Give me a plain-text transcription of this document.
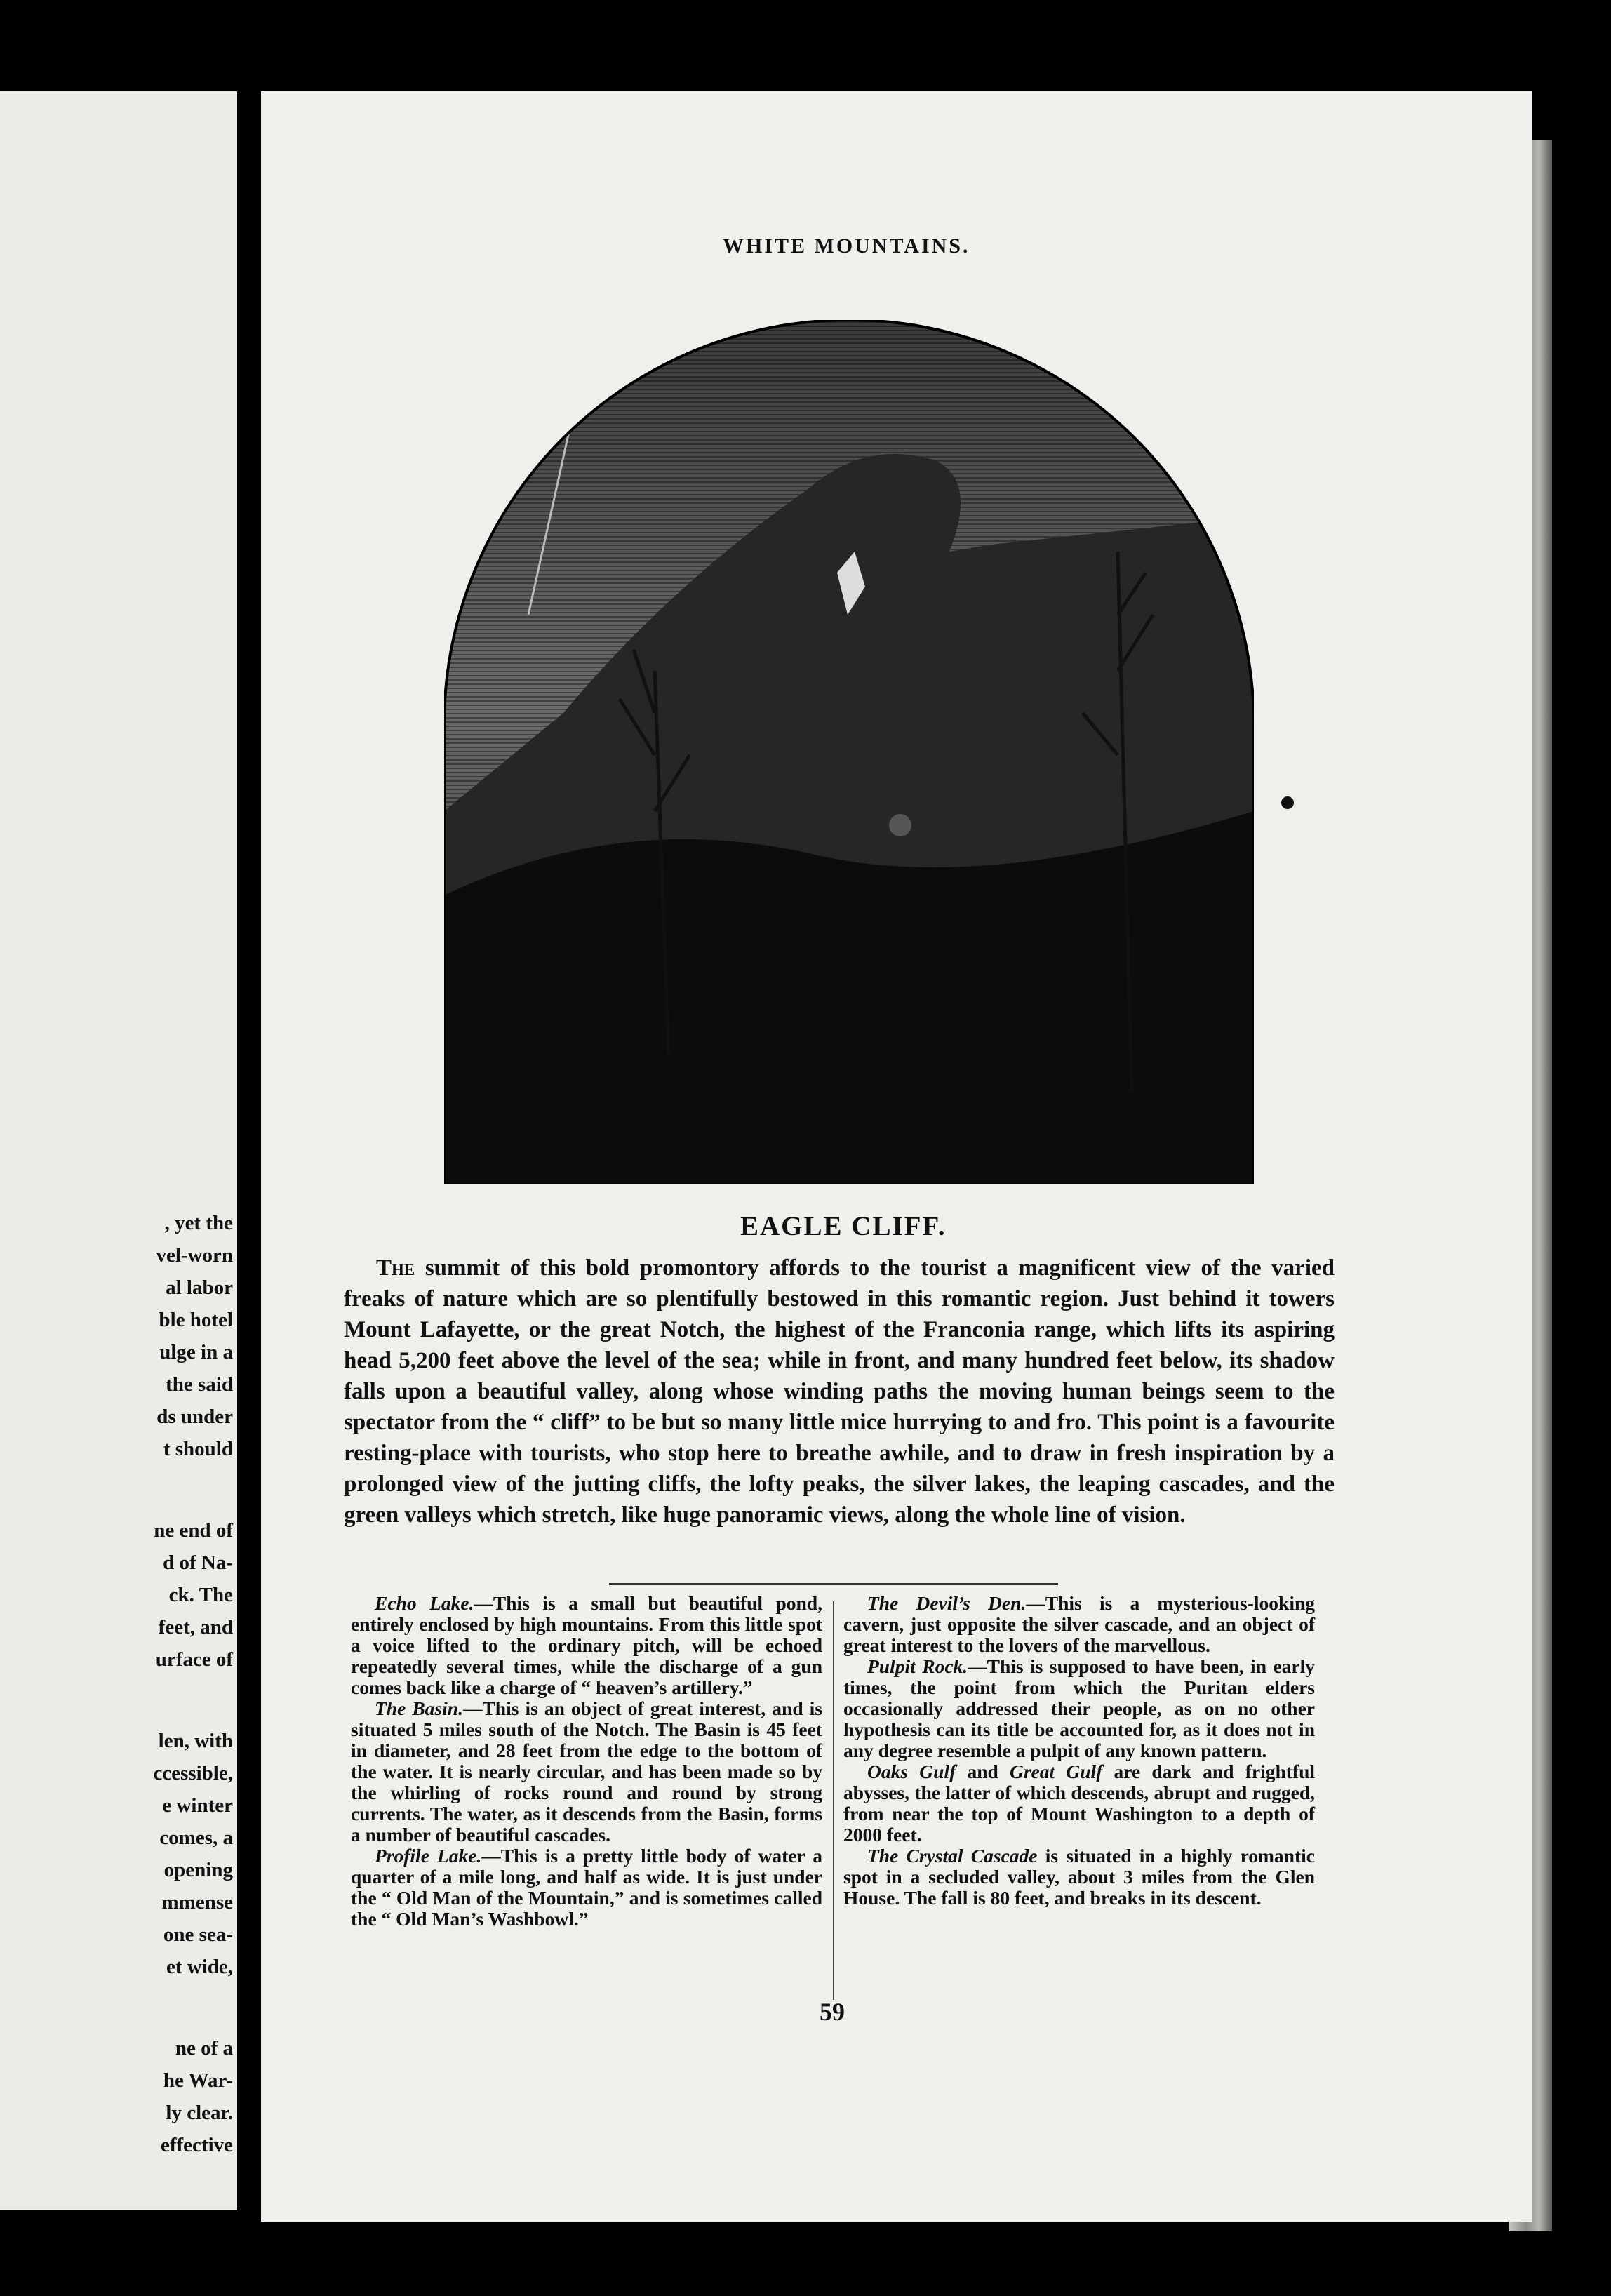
, yet the
vel-worn
al labor
ble hotel
ulge in a
the said
ds under
t should
ne end of
d of Na-
ck. The
feet, and
urface of
len, with
ccessible,
e winter
comes, a
opening
mmense
one sea-
et wide,
ne of a
he War-
ly clear.
effective
WHITE MOUNTAINS.
EAGLE CLIFF.
The summit of this bold promontory affords to the tourist a magnificent view of the varied freaks of nature which are so plentifully bestowed in this romantic region. Just behind it towers Mount Lafayette, or the great Notch, the highest of the Franconia range, which lifts its aspiring head 5,200 feet above the level of the sea; while in front, and many hundred feet below, its shadow falls upon a beautiful valley, along whose winding paths the moving human beings seem to the spectator from the “ cliff” to be but so many little mice hurrying to and fro. This point is a favourite resting-place with tourists, who stop here to breathe awhile, and to draw in fresh inspiration by a prolonged view of the jutting cliffs, the lofty peaks, the silver lakes, the leaping cascades, and the green valleys which stretch, like huge panoramic views, along the whole line of vision.

Echo Lake.—This is a small but beautiful pond, entirely enclosed by high mountains. From this little spot a voice lifted to the ordinary pitch, will be echoed repeatedly several times, while the discharge of a gun comes back like a charge of “ heaven’s artillery.”

The Basin.—This is an object of great interest, and is situated 5 miles south of the Notch. The Basin is 45 feet in diameter, and 28 feet from the edge to the bottom of the water. It is nearly circular, and has been made so by the whirling of rocks round and round by strong currents. The water, as it descends from the Basin, forms a number of beautiful cascades.

Profile Lake.—This is a pretty little body of water a quarter of a mile long, and half as wide. It is just under the “ Old Man of the Mountain,” and is sometimes called the “ Old Man’s Washbowl.”

The Devil’s Den.—This is a mysterious-looking cavern, just opposite the silver cascade, and an object of great interest to the lovers of the marvellous.

Pulpit Rock.—This is supposed to have been, in early times, the point from which the Puritan elders occasionally addressed their people, as on no other hypothesis can its title be accounted for, as it does not in any degree resemble a pulpit of any known pattern.

Oaks Gulf and Great Gulf are dark and frightful abysses, the latter of which descends, abrupt and rugged, from near the top of Mount Washington to a depth of 2000 feet.

The Crystal Cascade is situated in a highly romantic spot in a secluded valley, about 3 miles from the Glen House. The fall is 80 feet, and breaks in its descent.

59
